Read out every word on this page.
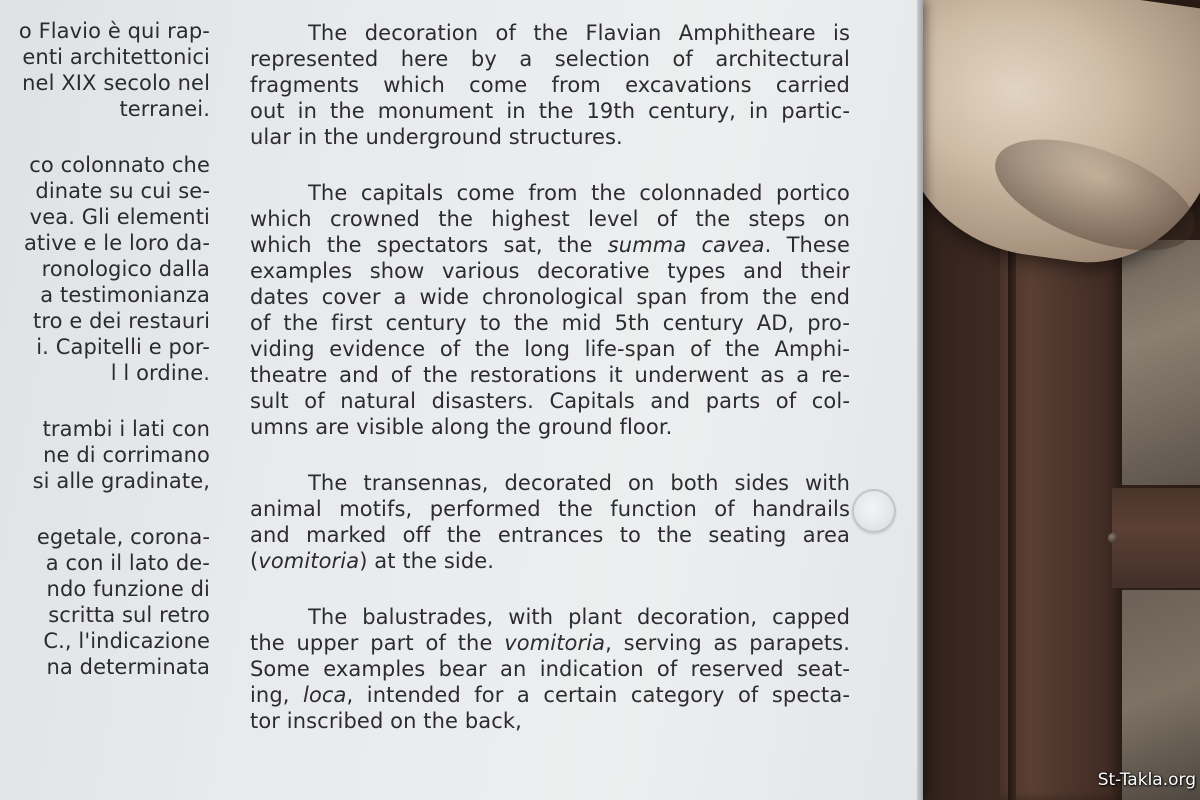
o Flavio è qui rap-

enti architettonici

nel XIX secolo nel

terranei.

co colonnato che

dinate su cui se-

vea. Gli elementi

ative e le loro da-

ronologico dalla

a testimonianza

tro e dei restauri

i. Capitelli e por-

l l ordine.

trambi i lati con

ne di corrimano

si alle gradinate,

egetale, corona-

a con il lato de-

ndo funzione di

scritta sul retro

C., l'indicazione

na determinata

The decoration of the Flavian Amphitheare is

represented here by a selection of architectural

fragments which come from excavations carried

out in the monument in the 19th century, in partic-

ular in the underground structures.

The capitals come from the colonnaded portico

which crowned the highest level of the steps on

which the spectators sat, the summa cavea. These

examples show various decorative types and their

dates cover a wide chronological span from the end

of the first century to the mid 5th century AD, pro-

viding evidence of the long life-span of the Amphi-

theatre and of the restorations it underwent as a re-

sult of natural disasters. Capitals and parts of col-

umns are visible along the ground floor.

The transennas, decorated on both sides with

animal motifs, performed the function of handrails

and marked off the entrances to the seating area

(vomitoria) at the side.

The balustrades, with plant decoration, capped

the upper part of the vomitoria, serving as parapets.

Some examples bear an indication of reserved seat-

ing, loca, intended for a certain category of specta-

tor inscribed on the back,

St-Takla.org
